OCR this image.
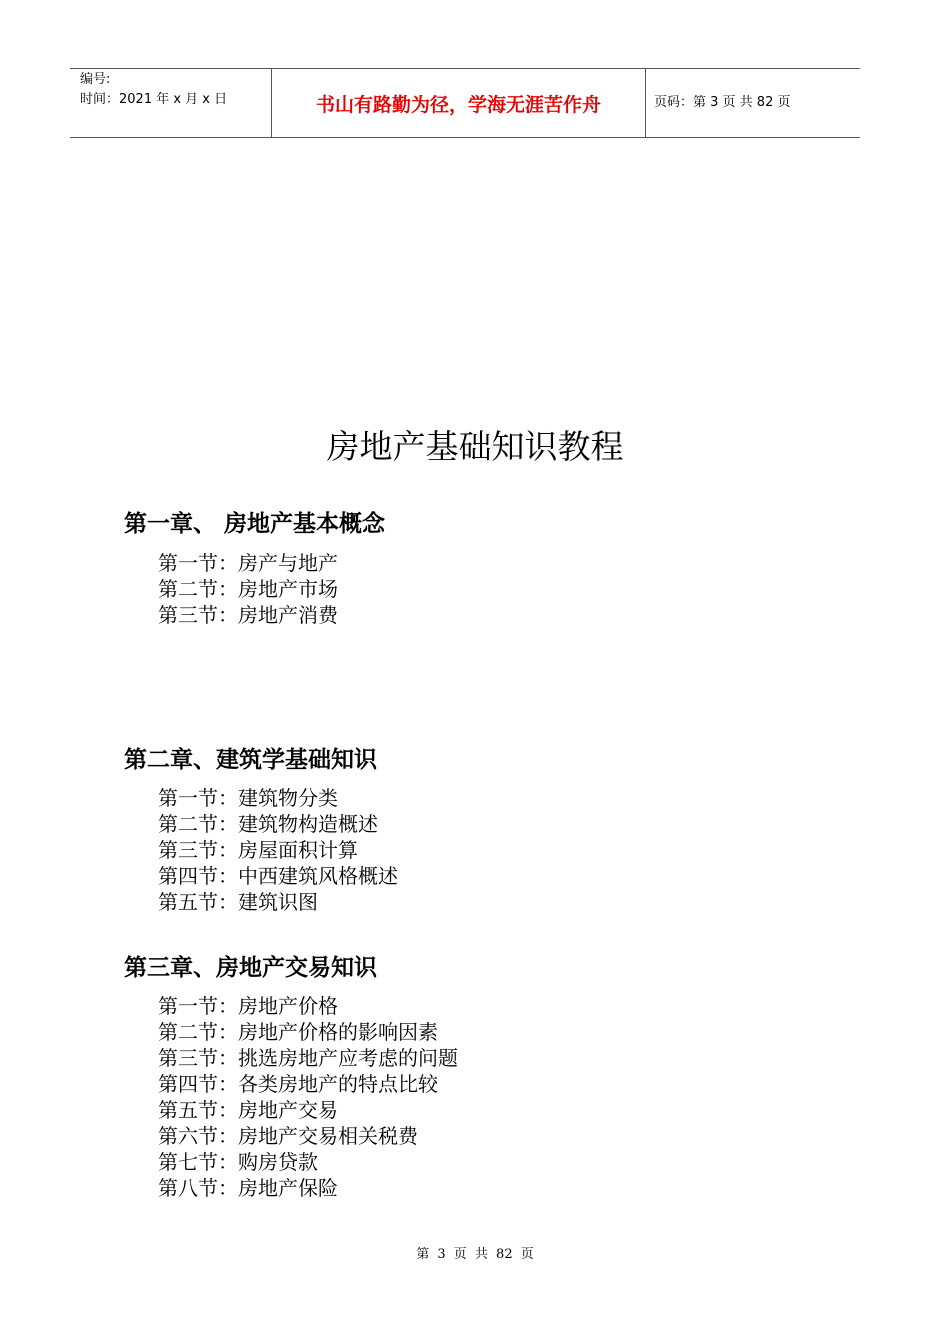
编号:
时间：2021 年 x 月 x 日	书山有路勤为径，学海无涯苦作舟	页码：第 3 页 共 82 页
房地产基础知识教程
第一章、 房地产基本概念
第一节：房产与地产
第二节：房地产市场
第三节：房地产消费
第二章、建筑学基础知识
第一节：建筑物分类
第二节：建筑物构造概述
第三节：房屋面积计算
第四节：中西建筑风格概述
第五节：建筑识图
第三章、房地产交易知识
第一节：房地产价格
第二节：房地产价格的影响因素
第三节：挑选房地产应考虑的问题
第四节：各类房地产的特点比较
第五节：房地产交易
第六节：房地产交易相关税费
第七节：购房贷款
第八节：房地产保险
第 3 页 共 82 页
